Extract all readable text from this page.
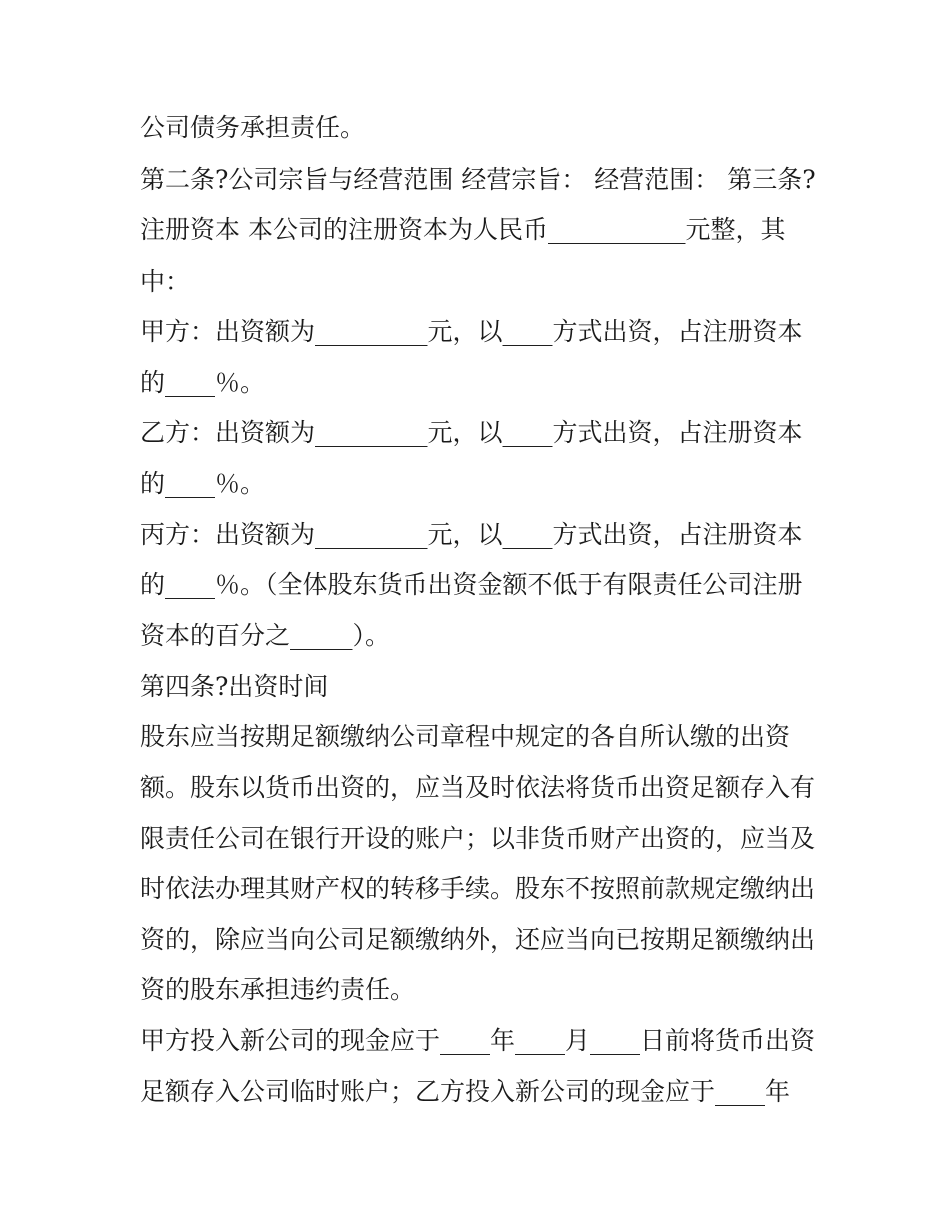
公司债务承担责任。
第二条?公司宗旨与经营范围 经营宗旨： 经营范围： 第三条?
注册资本 本公司的注册资本为人民币___________元整，其
中：
甲方：出资额为_________元，以____方式出资，占注册资本
的____％。
乙方：出资额为_________元，以____方式出资，占注册资本
的____％。
丙方：出资额为_________元，以____方式出资，占注册资本
的____％。（全体股东货币出资金额不低于有限责任公司注册
资本的百分之_____）。
第四条?出资时间
股东应当按期足额缴纳公司章程中规定的各自所认缴的出资
额。股东以货币出资的，应当及时依法将货币出资足额存入有
限责任公司在银行开设的账户；以非货币财产出资的，应当及
时依法办理其财产权的转移手续。股东不按照前款规定缴纳出
资的，除应当向公司足额缴纳外，还应当向已按期足额缴纳出
资的股东承担违约责任。
甲方投入新公司的现金应于____年____月____日前将货币出资
足额存入公司临时账户；乙方投入新公司的现金应于____年
